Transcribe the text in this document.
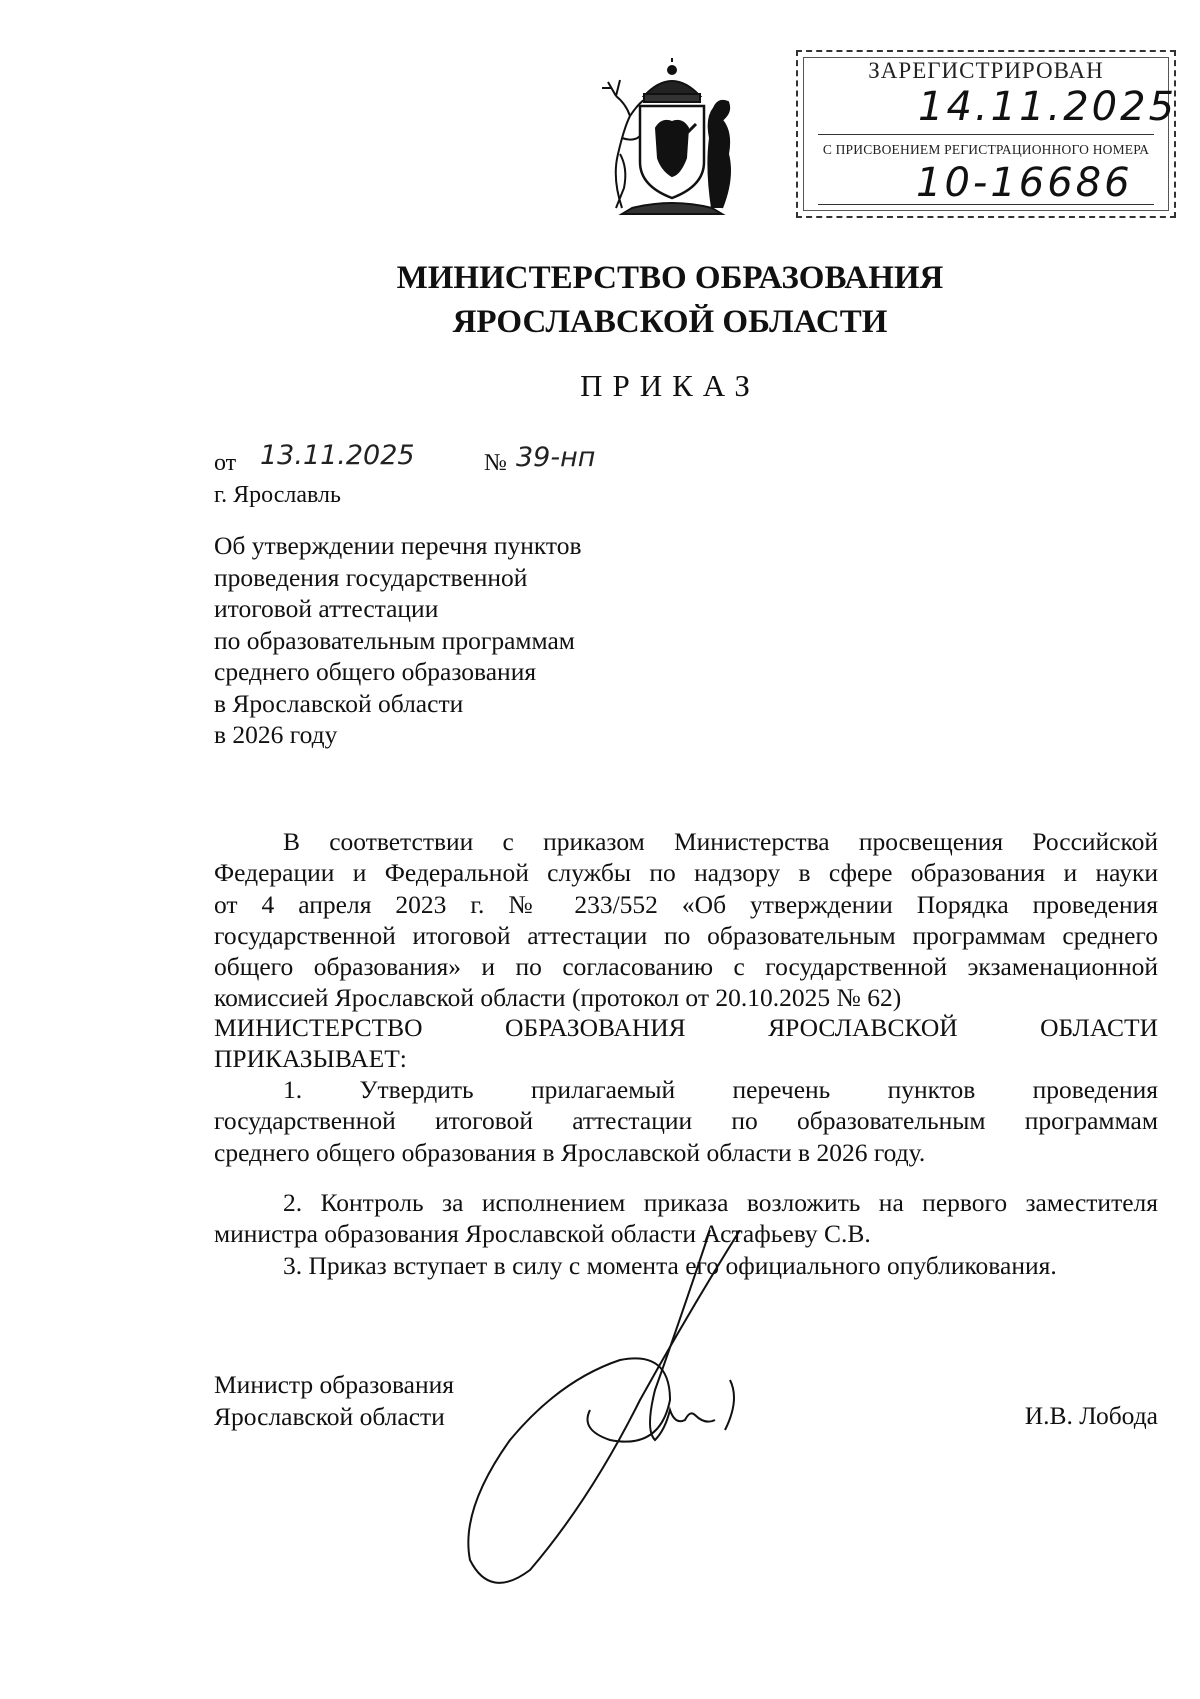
ЗАРЕГИСТРИРОВАН
14.11.2025
С ПРИСВОЕНИЕМ РЕГИСТРАЦИОННОГО НОМЕРА
10-16686
МИНИСТЕРСТВО ОБРАЗОВАНИЯ
ЯРОСЛАВСКОЙ ОБЛАСТИ
ПРИКАЗ
от 13.11.2025	№ 39-нп
г. Ярославль
Об утверждении перечня пунктов
проведения государственной
итоговой аттестации
по образовательным программам
среднего общего образования
в Ярославской области
в 2026 году
В соответствии с приказом Министерства просвещения Российской
Федерации и Федеральной службы по надзору в сфере образования и науки
от 4 апреля 2023 г. № 233/552 «Об утверждении Порядка проведения
государственной итоговой аттестации по образовательным программам среднего
общего образования» и по согласованию с государственной экзаменационной
комиссией Ярославской области (протокол от 20.10.2025 № 62)
МИНИСТЕРСТВО ОБРАЗОВАНИЯ ЯРОСЛАВСКОЙ ОБЛАСТИ
ПРИКАЗЫВАЕТ:
1. Утвердить прилагаемый перечень пунктов проведения
государственной итоговой аттестации по образовательным программам
среднего общего образования в Ярославской области в 2026 году.
2. Контроль за исполнением приказа возложить на первого заместителя
министра образования Ярославской области Астафьеву С.В.
3. Приказ вступает в силу с момента его официального опубликования.
Министр образования
Ярославской области	И.В. Лобода
